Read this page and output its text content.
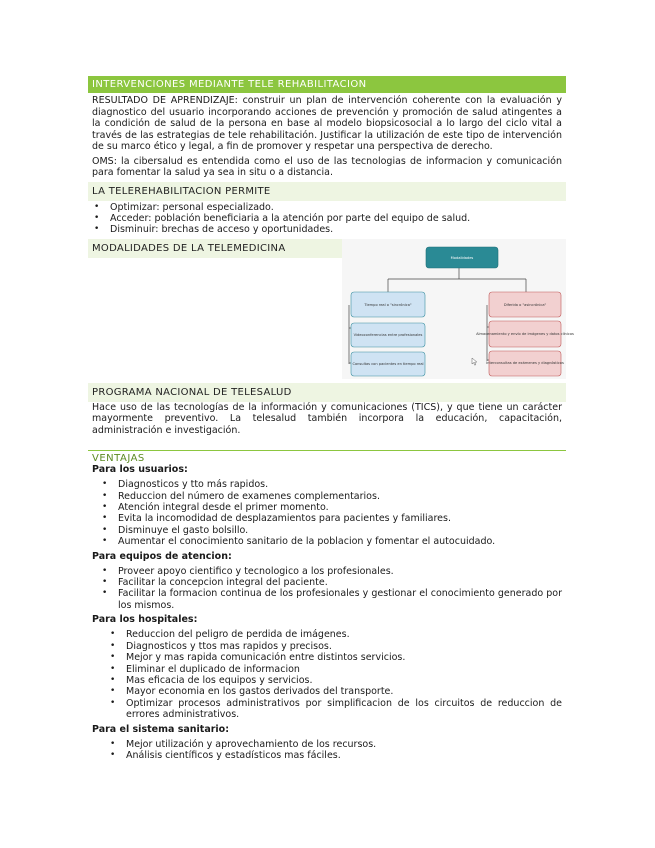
INTERVENCIONES MEDIANTE TELE REHABILITACION
RESULTADO DE APRENDIZAJE: construir un plan de intervención coherente con la evaluación y diagnostico del usuario incorporando acciones de prevención y promoción de salud atingentes a la condición de salud de la persona en base al modelo biopsicosocial a lo largo del ciclo vital a través de las estrategias de tele rehabilitación. Justificar la utilización de este tipo de intervención de su marco ético y legal, a fin de promover y respetar una perspectiva de derecho.
OMS: la cibersalud es entendida como el uso de las tecnologias de informacion y comunicación para fomentar la salud ya sea in situ o a distancia.
LA TELEREHABILITACION PERMITE
• Optimizar: personal especializado.
• Acceder: población beneficiaria a la atención por parte del equipo de salud.
• Disminuir: brechas de acceso y oportunidades.
MODALIDADES DE LA TELEMEDICINA
Modalidades
Tiempo real o "sincrónica"
Videoconferencias entre profesionales
Consultas con pacientes en tiempo real
Diferida o "asincrónica"
Almacenamiento y envío de imágenes y datos clínicos
Interconsultas de exámenes y diagnósticos
PROGRAMA NACIONAL DE TELESALUD
Hace uso de las tecnologías de la información y comunicaciones (TICS), y que tiene un carácter mayormente preventivo. La telesalud también incorpora la educación, capacitación, administración e investigación.
VENTAJAS
Para los usuarios:
• Diagnosticos y tto más rapidos.
• Reduccion del número de examenes complementarios.
• Atención integral desde el primer momento.
• Evita la incomodidad de desplazamientos para pacientes y familiares.
• Disminuye el gasto bolsillo.
• Aumentar el conocimiento sanitario de la poblacion y fomentar el autocuidado.
Para equipos de atencion:
• Proveer apoyo cientifico y tecnologico a los profesionales.
• Facilitar la concepcion integral del paciente.
• Facilitar la formacion continua de los profesionales y gestionar el conocimiento generado por los mismos.
Para los hospitales:
• Reduccion del peligro de perdida de imágenes.
• Diagnosticos y ttos mas rapidos y precisos.
• Mejor y mas rapida comunicación entre distintos servicios.
• Eliminar el duplicado de informacion
• Mas eficacia de los equipos y servicios.
• Mayor economia en los gastos derivados del transporte.
• Optimizar procesos administrativos por simplificacion de los circuitos de reduccion de errores administrativos.
Para el sistema sanitario:
• Mejor utilización y aprovechamiento de los recursos.
• Análisis científicos y estadísticos mas fáciles.
